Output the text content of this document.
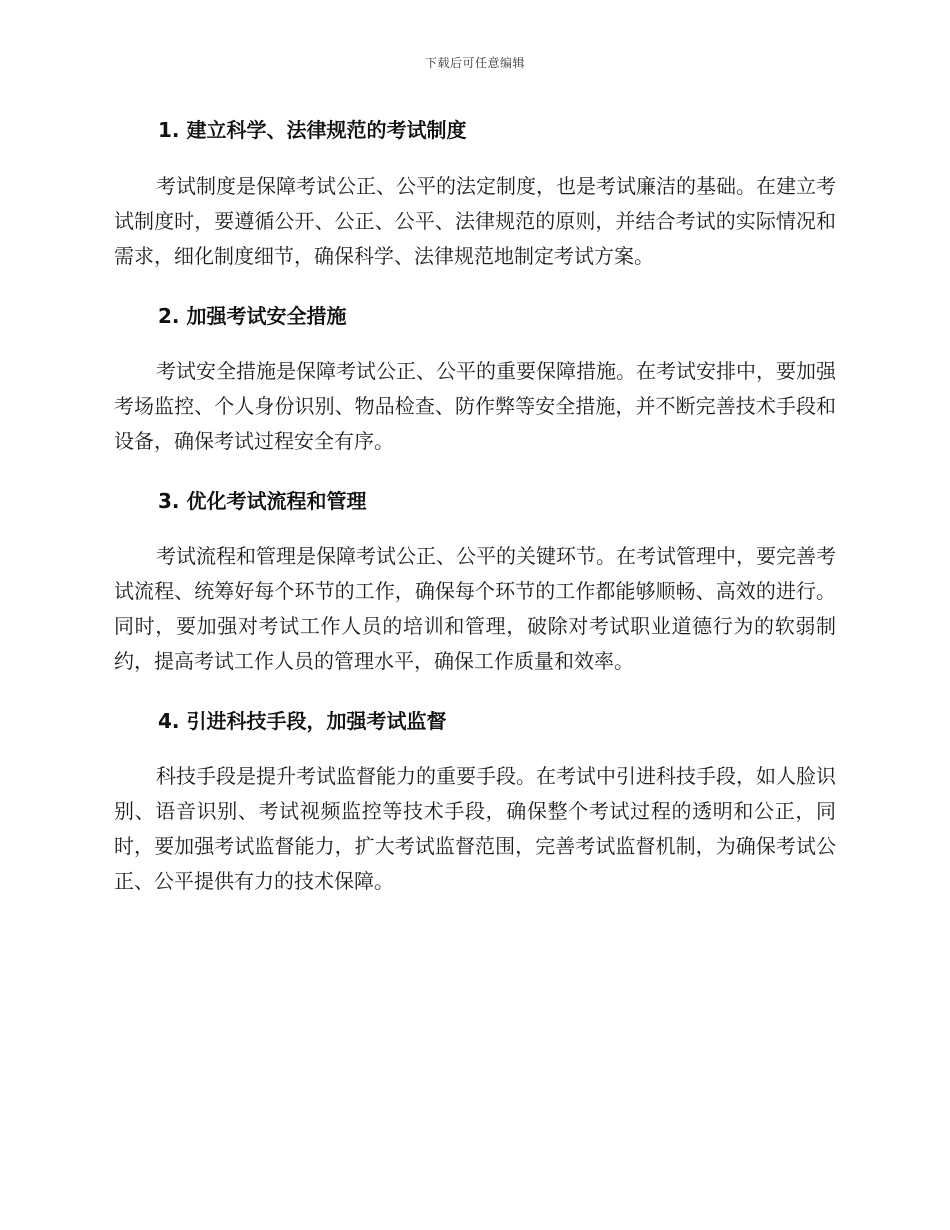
下载后可任意编辑
1. 建立科学、法律规范的考试制度

考试制度是保障考试公正、公平的法定制度，也是考试廉洁的基础。在建立考试制度时，要遵循公开、公正、公平、法律规范的原则，并结合考试的实际情况和需求，细化制度细节，确保科学、法律规范地制定考试方案。

2. 加强考试安全措施

考试安全措施是保障考试公正、公平的重要保障措施。在考试安排中，要加强考场监控、个人身份识别、物品检查、防作弊等安全措施，并不断完善技术手段和设备，确保考试过程安全有序。

3. 优化考试流程和管理

考试流程和管理是保障考试公正、公平的关键环节。在考试管理中，要完善考试流程、统筹好每个环节的工作，确保每个环节的工作都能够顺畅、高效的进行。同时，要加强对考试工作人员的培训和管理，破除对考试职业道德行为的软弱制约，提高考试工作人员的管理水平，确保工作质量和效率。

4. 引进科技手段，加强考试监督

科技手段是提升考试监督能力的重要手段。在考试中引进科技手段，如人脸识别、语音识别、考试视频监控等技术手段，确保整个考试过程的透明和公正，同时，要加强考试监督能力，扩大考试监督范围，完善考试监督机制，为确保考试公正、公平提供有力的技术保障。
